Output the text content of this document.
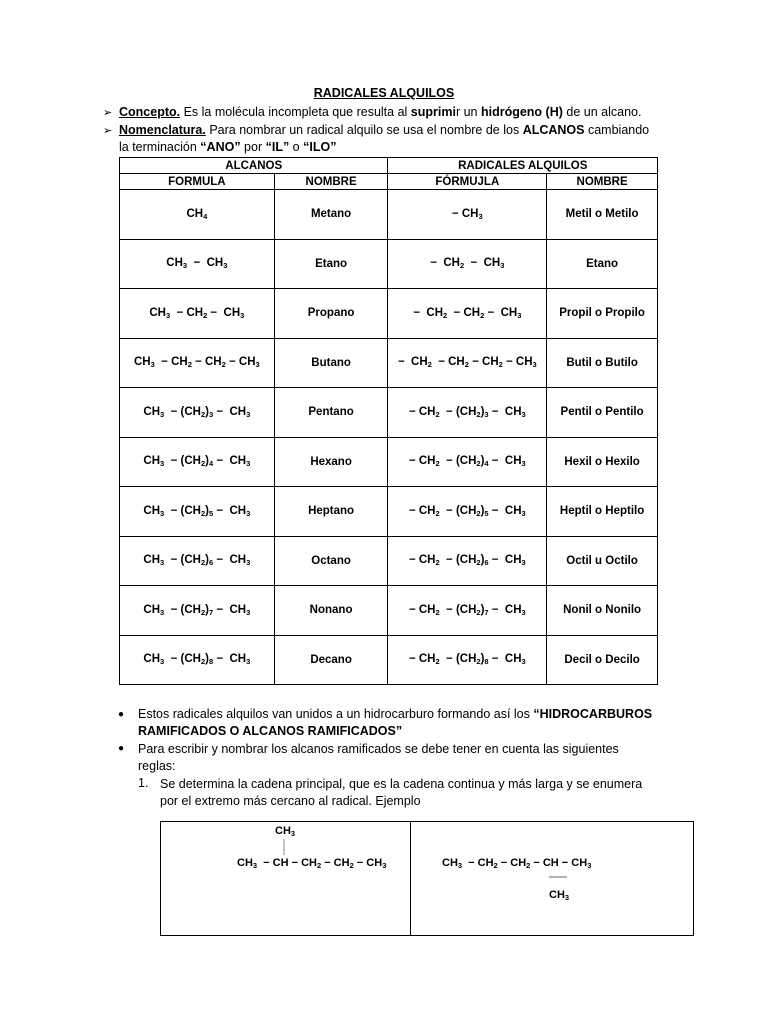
RADICALES ALQUILOS
➢ Concepto. Es la molécula incompleta que resulta al suprimir un hidrógeno (H) de un alcano.
➢ Nomenclatura. Para nombrar un radical alquilo se usa el nombre de los ALCANOS cambiando
la terminación “ANO” por “IL” o “ILO”
ALCANOS		RADICALES ALQUILOS	
FORMULA	NOMBRE	FÓRMUJLA	NOMBRE
$CH_4$	Metano	− $CH_3$	Metil o Metilo
$CH_3 - CH_3$	Etano	−  $CH_2 - CH_3$	Etano
$CH_3 - CH_2 - CH_3$	Propano	−  $CH_2 - CH_2 - CH_3$	Propil o Propilo
$CH_3 - CH_2 - CH_2 - CH_3$	Butano	−  $CH_2 - CH_2 - CH_2 - CH_3$	Butil o Butilo
$CH_3 - (CH_2)_3 - CH_3$	Pentano	− $CH_2 - (CH_2)_3 - CH_3$	Pentil o Pentilo
$CH_3 - (CH_2)_4 - CH_3$	Hexano	− $CH_2 - (CH_2)_4 - CH_3$	Hexil o Hexilo
$CH_3 - (CH_2)_5 - CH_3$	Heptano	− $CH_2 - (CH_2)_5 - CH_3$	Heptil o Heptilo
$CH_3 - (CH_2)_6 - CH_3$	Octano	− $CH_2 - (CH_2)_6 - CH_3$	Octil u Octilo
$CH_3 - (CH_2)_7 - CH_3$	Nonano	− $CH_2 - (CH_2)_7 - CH_3$	Nonil o Nonilo
$CH_3 - (CH_2)_8 - CH_3$	Decano	− $CH_2 - (CH_2)_8 - CH_3$	Decil o Decilo
● Estos radicales alquilos van unidos a un hidrocarburo formando así los “HIDROCARBUROS
RAMIFICADOS O ALCANOS RAMIFICADOS”
● Para escribir y nombrar los alcanos ramificados se debe tener en cuenta las siguientes
reglas:
1. Se determina la cadena principal, que es la cadena continua y más larga y se enumera
por el extremo más cercano al radical. Ejemplo
$CH_3$
$CH_3$  − CH − $CH_2 - CH_2 - CH_3$	$CH_3 - CH_2 - CH_2$ − CH − $CH_3$
$CH_3$
